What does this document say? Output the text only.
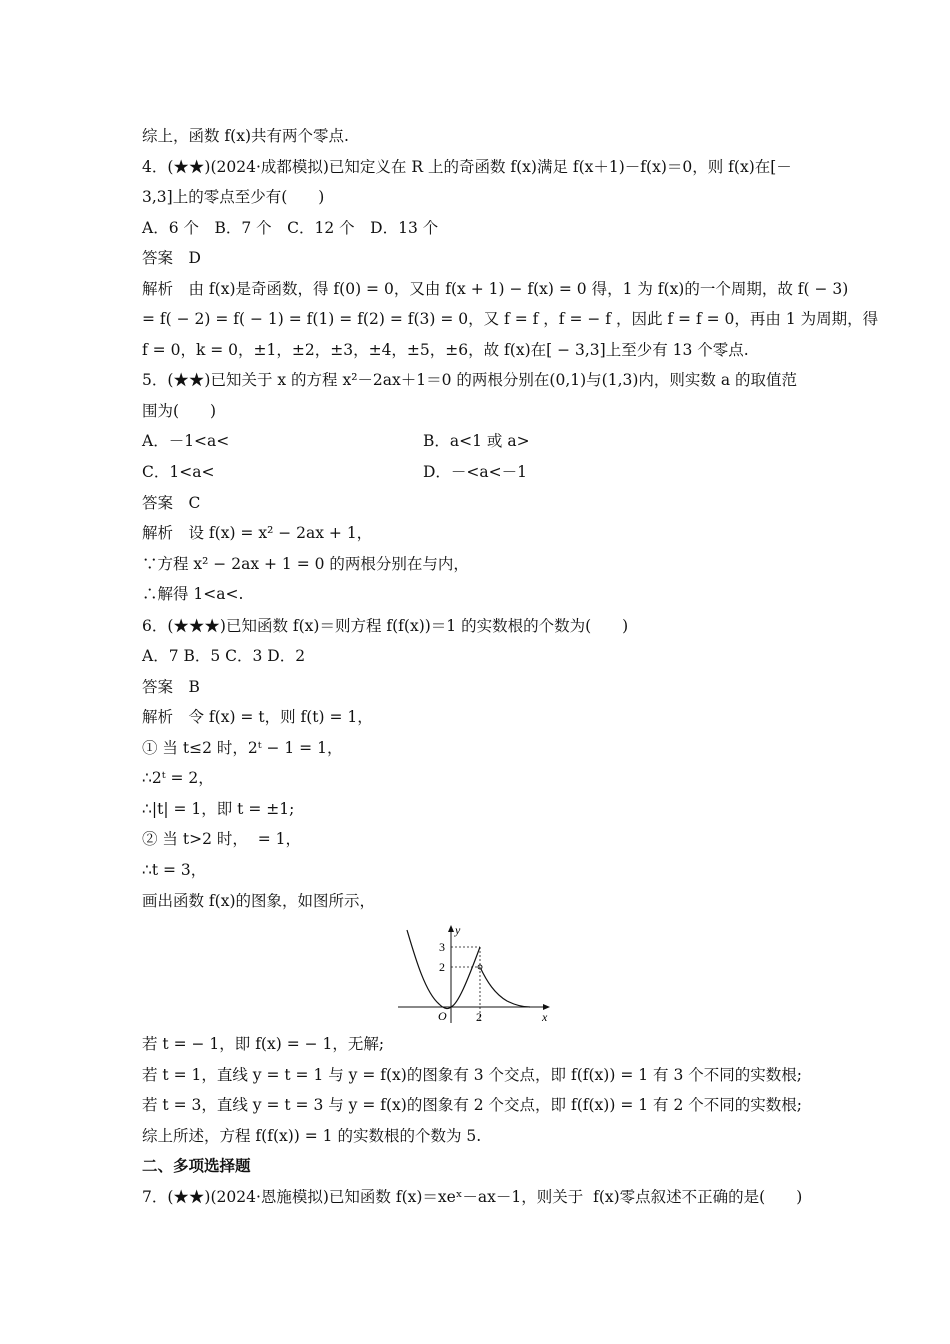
综上，函数 f(x)共有两个零点.
4．(★★)(2024·成都模拟)已知定义在 R 上的奇函数 f(x)满足 f(x＋1)－f(x)＝0，则 f(x)在[－
3,3]上的零点至少有(　　)
A．6 个　B．7 个　C．12 个　D．13 个
答案　D
解析　由 f(x)是奇函数，得 f(0) = 0，又由 f(x + 1) − f(x) = 0 得，1 为 f(x)的一个周期，故 f( − 3)
= f( − 2) = f( − 1) = f(1) = f(2) = f(3) = 0，又 f = f ，f = − f ，因此 f = f = 0，再由 1 为周期，得
f = 0，k = 0，±1，±2，±3，±4，±5，±6，故 f(x)在[ − 3,3]上至少有 13 个零点.
5．(★★)已知关于 x 的方程 x²－2ax＋1＝0 的两根分别在(0,1)与(1,3)内，则实数 a 的取值范
围为(　　)
A．－1<a<	B．a<1 或 a>
C．1<a<	D．－<a<－1
答案　C
解析　设 f(x) = x² − 2ax + 1，
∵方程 x² − 2ax + 1 = 0 的两根分别在与内，
∴解得 1<a<.
6．(★★★)已知函数 f(x)＝则方程 f(f(x))＝1 的实数根的个数为(　　)
A．7 B．5 C．3 D．2
答案　B
解析　令 f(x) = t，则 f(t) = 1，
① 当 t≤2 时，2ᵗ − 1 = 1，
∴2ᵗ = 2，
∴|t| = 1，即 t = ±1;
② 当 t>2 时，  = 1，
∴t = 3，
画出函数 f(x)的图象，如图所示，
y
3
2
O 2	x
若 t = − 1，即 f(x) = − 1，无解;
若 t = 1，直线 y = t = 1 与 y = f(x)的图象有 3 个交点，即 f(f(x)) = 1 有 3 个不同的实数根;
若 t = 3，直线 y = t = 3 与 y = f(x)的图象有 2 个交点，即 f(f(x)) = 1 有 2 个不同的实数根;
综上所述，方程 f(f(x)) = 1 的实数根的个数为 5.
二、多项选择题
7．(★★)(2024·恩施模拟)已知函数 f(x)＝xeˣ－ax－1，则关于  f(x)零点叙述不正确的是(　　)
